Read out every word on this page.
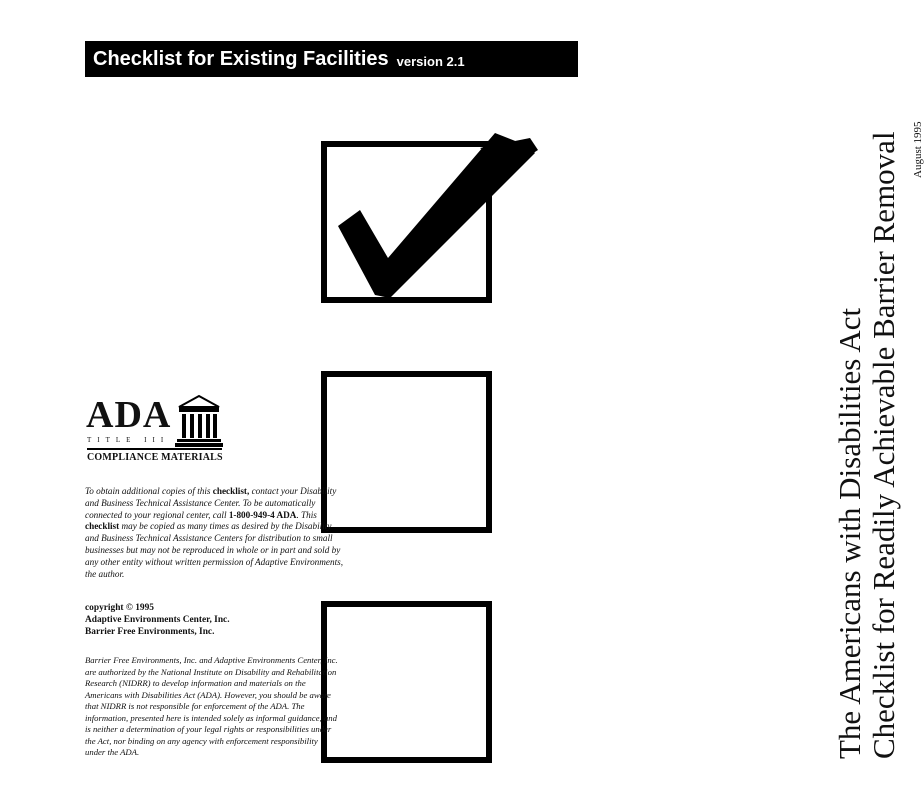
Checklist for Existing Facilities version 2.1
The Americans with Disabilities Act Checklist for Readily Achievable Barrier Removal August 1995
ADA
TITLE III
COMPLIANCE MATERIALS
To obtain additional copies of this checklist, contact your Disability and Business Technical Assistance Center. To be automatically connected to your regional center, call 1-800-949-4 ADA. This checklist may be copied as many times as desired by the Disability and Business Technical Assistance Centers for distribution to small businesses but may not be reproduced in whole or in part and sold by any other entity without written permission of Adaptive Environments, the author.

copyright © 1995

Adaptive Environments Center, Inc.

Barrier Free Environments, Inc.

Barrier Free Environments, Inc. and Adaptive Environments Center, Inc. are authorized by the National Institute on Disability and Rehabilitation Research (NIDRR) to develop information and materials on the Americans with Disabilities Act (ADA). However, you should be aware that NIDRR is not responsible for enforcement of the ADA. The information, presented here is intended solely as informal guidance, and is neither a determination of your legal rights or responsibilities under the Act, nor binding on any agency with enforcement responsibility under the ADA.
